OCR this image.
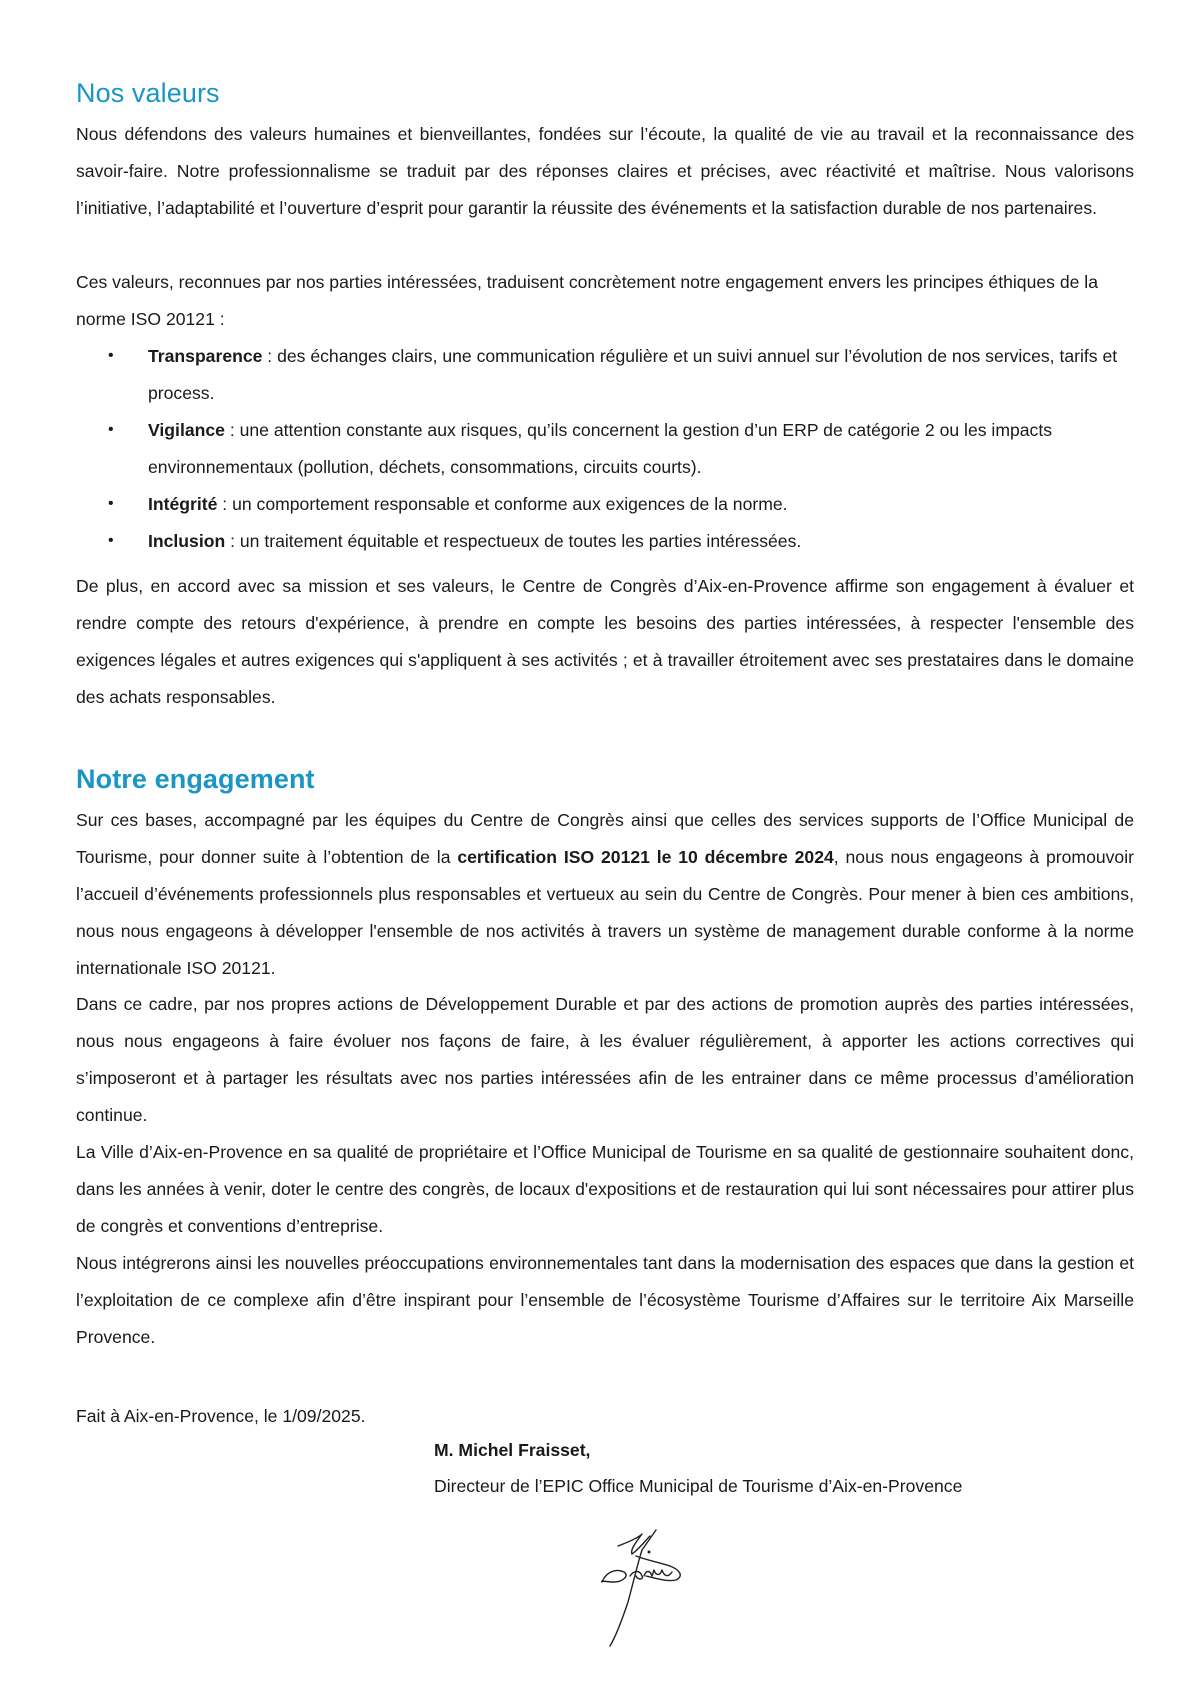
Nos valeurs

Nous défendons des valeurs humaines et bienveillantes, fondées sur l’écoute, la qualité de vie au travail et la reconnaissance des savoir-faire. Notre professionnalisme se traduit par des réponses claires et précises, avec réactivité et maîtrise. Nous valorisons l’initiative, l’adaptabilité et l’ouverture d’esprit pour garantir la réussite des événements et la satisfaction durable de nos partenaires.

Ces valeurs, reconnues par nos parties intéressées, traduisent concrètement notre engagement envers les principes éthiques de la norme ISO 20121 :

• Transparence : des échanges clairs, une communication régulière et un suivi annuel sur l’évolution de nos services, tarifs et process.
• Vigilance : une attention constante aux risques, qu’ils concernent la gestion d’un ERP de catégorie 2 ou les impacts environnementaux (pollution, déchets, consommations, circuits courts).
• Intégrité : un comportement responsable et conforme aux exigences de la norme.
• Inclusion : un traitement équitable et respectueux de toutes les parties intéressées.

De plus, en accord avec sa mission et ses valeurs, le Centre de Congrès d’Aix-en-Provence affirme son engagement à évaluer et rendre compte des retours d'expérience, à prendre en compte les besoins des parties intéressées, à respecter l'ensemble des exigences légales et autres exigences qui s'appliquent à ses activités ; et à travailler étroitement avec ses prestataires dans le domaine des achats responsables.

Notre engagement

Sur ces bases, accompagné par les équipes du Centre de Congrès ainsi que celles des services supports de l’Office Municipal de Tourisme, pour donner suite à l’obtention de la certification ISO 20121 le 10 décembre 2024, nous nous engageons à promouvoir l’accueil d’événements professionnels plus responsables et vertueux au sein du Centre de Congrès. Pour mener à bien ces ambitions, nous nous engageons à développer l'ensemble de nos activités à travers un système de management durable conforme à la norme internationale ISO 20121.

Dans ce cadre, par nos propres actions de Développement Durable et par des actions de promotion auprès des parties intéressées, nous nous engageons à faire évoluer nos façons de faire, à les évaluer régulièrement, à apporter les actions correctives qui s’imposeront et à partager les résultats avec nos parties intéressées afin de les entrainer dans ce même processus d’amélioration continue.

La Ville d’Aix-en-Provence en sa qualité de propriétaire et l’Office Municipal de Tourisme en sa qualité de gestionnaire souhaitent donc, dans les années à venir, doter le centre des congrès, de locaux d'expositions et de restauration qui lui sont nécessaires pour attirer plus de congrès et conventions d’entreprise.

Nous intégrerons ainsi les nouvelles préoccupations environnementales tant dans la modernisation des espaces que dans la gestion et l’exploitation de ce complexe afin d’être inspirant pour l’ensemble de l’écosystème Tourisme d’Affaires sur le territoire Aix Marseille Provence.

Fait à Aix-en-Provence, le 1/09/2025.
M. Michel Fraisset,
Directeur de l’EPIC Office Municipal de Tourisme d’Aix-en-Provence
